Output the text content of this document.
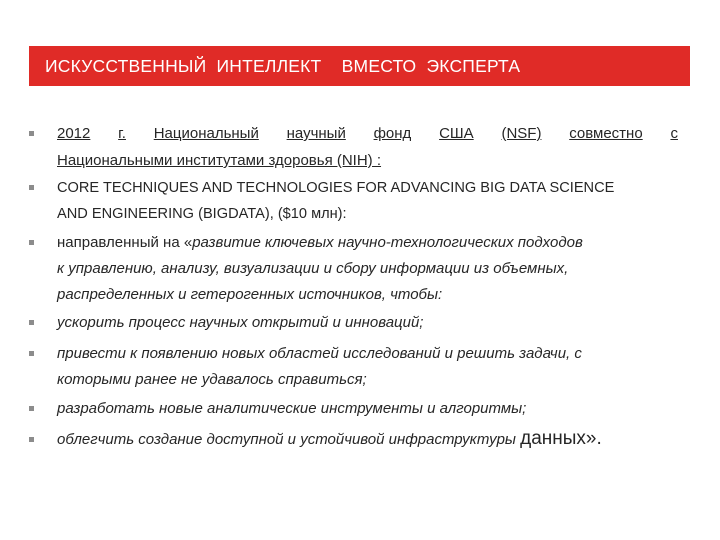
ИСКУССТВЕННЫЙ  ИНТЕЛЛЕКТ    ВМЕСТО  ЭКСПЕРТА
2012 г. Национальный научный фонд США (NSF) совместно с
Национальными институтами здоровья (NIH) :
CORE TECHNIQUES AND TECHNOLOGIES FOR ADVANCING BIG DATA SCIENCE
AND ENGINEERING (BIGDATA), ($10 млн):
направленный на «развитие ключевых научно-технологических подходов
к управлению, анализу, визуализации и сбору информации из объемных,
распределенных и гетерогенных источников, чтобы:
ускорить процесс научных открытий и инноваций;
привести к появлению новых областей исследований и решить задачи, с
которыми ранее не удавалось справиться;
разработать новые аналитические инструменты и алгоритмы;
облегчить создание доступной и устойчивой инфраструктуры данных».
